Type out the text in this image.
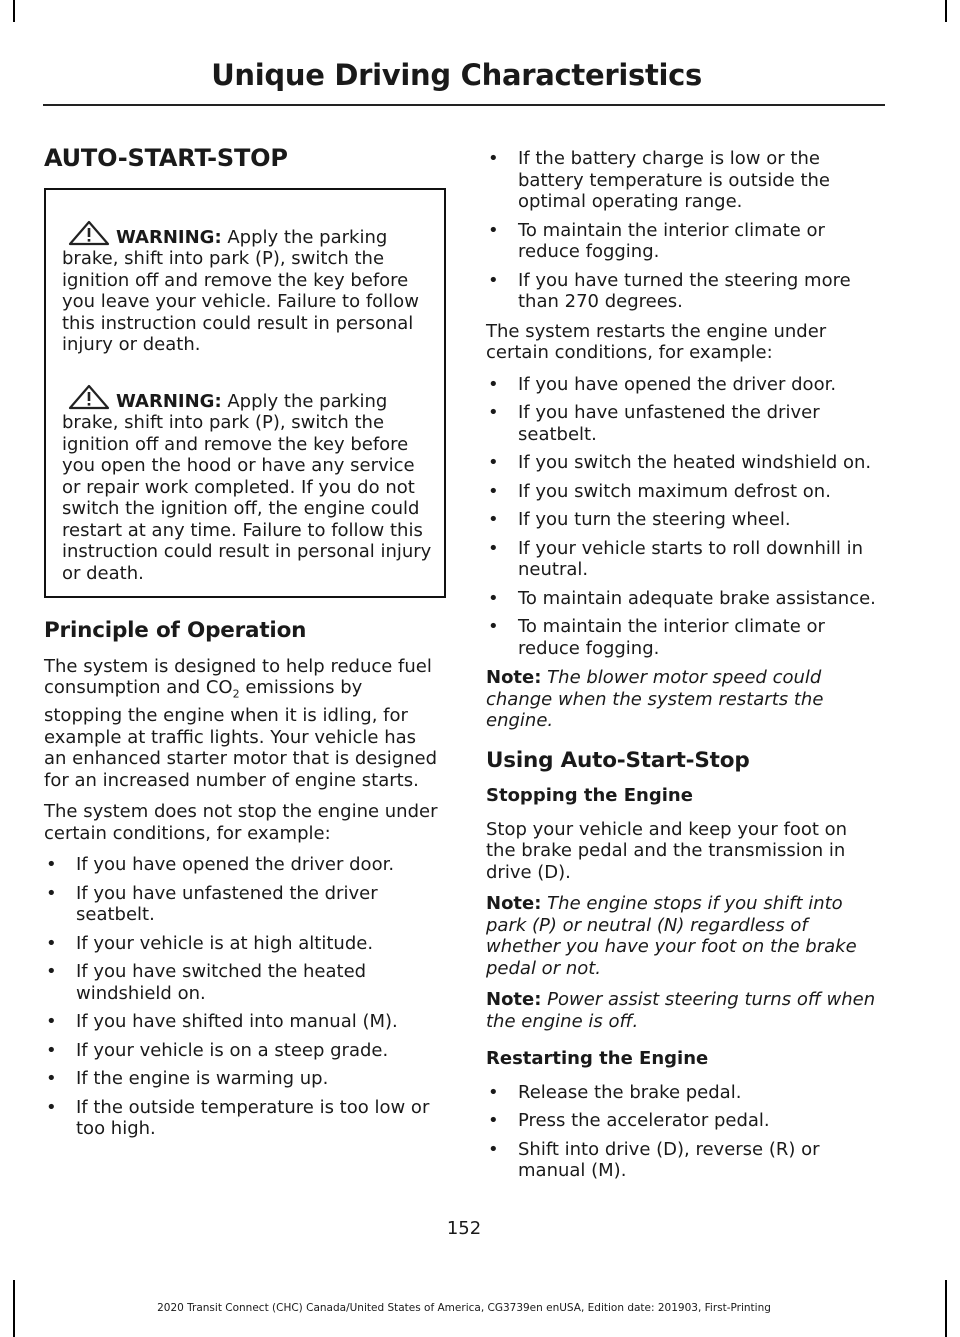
Unique Driving Characteristics
AUTO-START-STOP

WARNING: Apply the parking brake, shift into park (P), switch the ignition off and remove the key before you leave your vehicle. Failure to follow this instruction could result in personal injury or death.

WARNING: Apply the parking brake, shift into park (P), switch the ignition off and remove the key before you open the hood or have any service or repair work completed. If you do not switch the ignition off, the engine could restart at any time. Failure to follow this instruction could result in personal injury or death.

Principle of Operation

The system is designed to help reduce fuel consumption and $CO_2$ emissions by stopping the engine when it is idling, for example at traffic lights. Your vehicle has an enhanced starter motor that is designed for an increased number of engine starts.

The system does not stop the engine under certain conditions, for example:

• If you have opened the driver door.
• If you have unfastened the driver seatbelt.
• If your vehicle is at high altitude.
• If you have switched the heated windshield on.
• If you have shifted into manual (M).
• If your vehicle is on a steep grade.
• If the engine is warming up.
• If the outside temperature is too low or too high.
• If the battery charge is low or the battery temperature is outside the optimal operating range.
• To maintain the interior climate or reduce fogging.
• If you have turned the steering more than 270 degrees.

The system restarts the engine under certain conditions, for example:

• If you have opened the driver door.
• If you have unfastened the driver seatbelt.
• If you switch the heated windshield on.
• If you switch maximum defrost on.
• If you turn the steering wheel.
• If your vehicle starts to roll downhill in neutral.
• To maintain adequate brake assistance.
• To maintain the interior climate or reduce fogging.

Note: The blower motor speed could change when the system restarts the engine.

Using Auto-Start-Stop
Stopping the Engine

Stop your vehicle and keep your foot on the brake pedal and the transmission in drive (D).

Note: The engine stops if you shift into park (P) or neutral (N) regardless of whether you have your foot on the brake pedal or not.

Note: Power assist steering turns off when the engine is off.

Restarting the Engine
• Release the brake pedal.
• Press the accelerator pedal.
• Shift into drive (D), reverse (R) or manual (M).
152
2020 Transit Connect (CHC) Canada/United States of America, CG3739en enUSA, Edition date: 201903, First-Printing
